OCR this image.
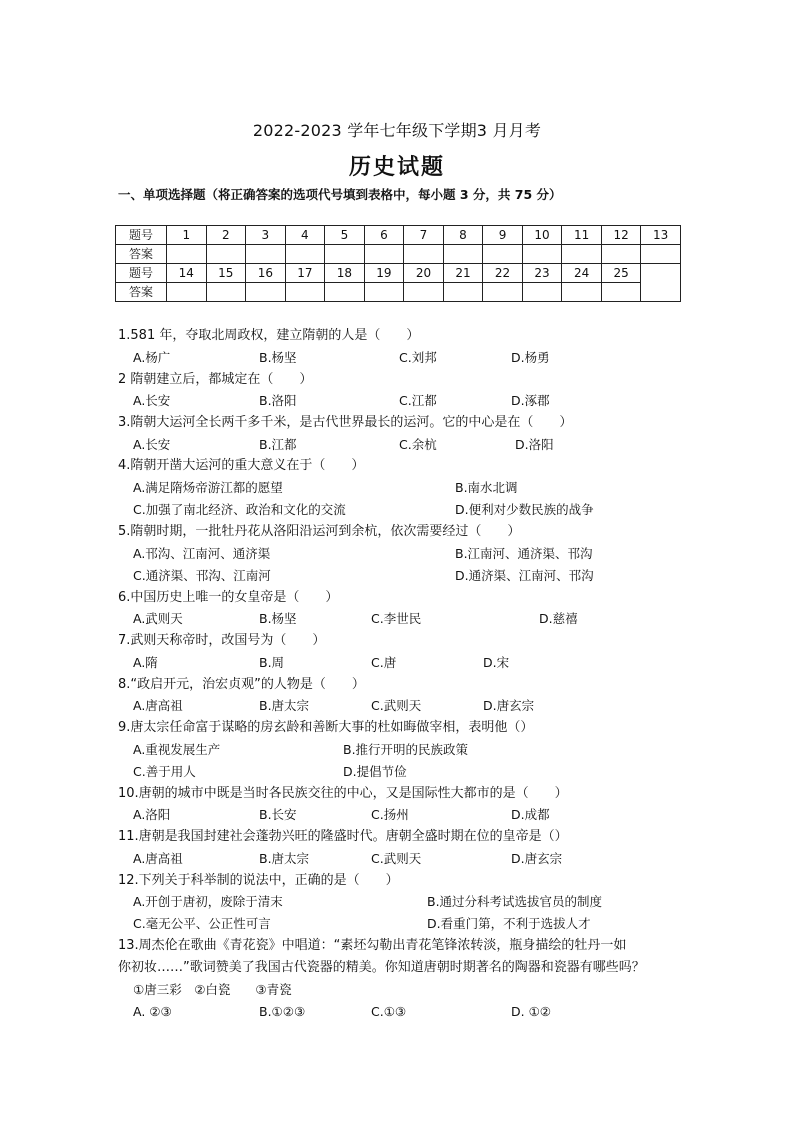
2022-2023 学年七年级下学期3 月月考
历史试题
一、单项选择题（将正确答案的选项代号填到表格中，每小题 3 分，共 75 分）
题号	1	2	3	4	5	6	7	8	9	10	11	12	13
答案													
题号	14	15	16	17	18	19	20	21	22	23	24	25	
答案													
1.581 年，夺取北周政权，建立隋朝的人是（　　）
A.杨广	B.杨坚	C.刘邦	D.杨勇
2 隋朝建立后，都城定在（　　）
A.长安	B.洛阳	C.江都	D.涿郡
3.隋朝大运河全长两千多千米，是古代世界最长的运河。它的中心是在（　　）
A.长安	B.江都	C.余杭	D.洛阳
4.隋朝开凿大运河的重大意义在于（　　）
A.满足隋炀帝游江都的愿望	B.南水北调
C.加强了南北经济、政治和文化的交流	D.便利对少数民族的战争
5.隋朝时期，一批牡丹花从洛阳沿运河到余杭，依次需要经过（　　）
A.邗沟、江南河、通济渠	B.江南河、通济渠、邗沟
C.通济渠、邗沟、江南河	D.通济渠、江南河、邗沟
6.中国历史上唯一的女皇帝是（　　）
A.武则天	B.杨坚	C.李世民	D.慈禧
7.武则天称帝时，改国号为（　　）
A.隋	B.周	C.唐	D.宋
8.“政启开元，治宏贞观”的人物是（　　）
A.唐高祖	B.唐太宗	C.武则天	D.唐玄宗
9.唐太宗任命富于谋略的房玄龄和善断大事的杜如晦做宰相，表明他（）
A.重视发展生产	B.推行开明的民族政策
C.善于用人	D.提倡节俭
10.唐朝的城市中既是当时各民族交往的中心，又是国际性大都市的是（　　）
A.洛阳	B.长安	C.扬州	D.成都
11.唐朝是我国封建社会蓬勃兴旺的隆盛时代。唐朝全盛时期在位的皇帝是（）
A.唐高祖	B.唐太宗	C.武则天	D.唐玄宗
12.下列关于科举制的说法中，正确的是（　　）
A.开创于唐初，废除于清末	B.通过分科考试选拔官员的制度
C.毫无公平、公正性可言	D.看重门第，不利于选拔人才
13.周杰伦在歌曲《青花瓷》中唱道：“素坯勾勒出青花笔锋浓转淡，瓶身描绘的牡丹一如
你初妆……”歌词赞美了我国古代瓷器的精美。你知道唐朝时期著名的陶器和瓷器有哪些吗？
①唐三彩　②白瓷　　③青瓷
A. ②③	B.①②③	C.①③	D. ①②
